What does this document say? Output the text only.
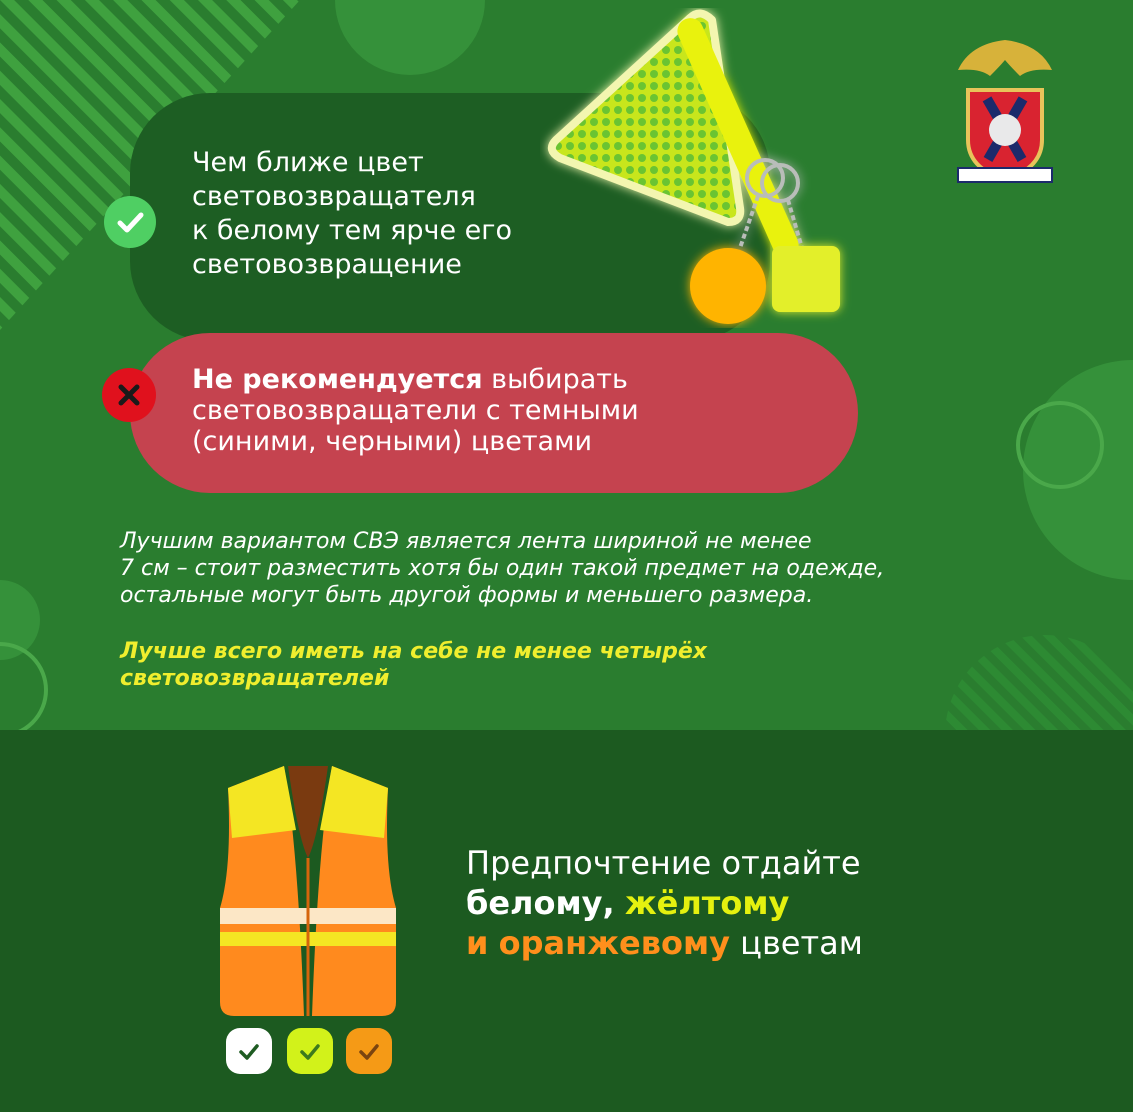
Чем ближе цвет
световозвращателя
к белому тем ярче его
световозвращение

Не рекомендуется выбирать
световозвращатели с темными
(синими, черными) цветами

Лучшим вариантом СВЭ является лента шириной не менее
7 см – стоит разместить хотя бы один такой предмет на одежде,
остальные могут быть другой формы и меньшего размера.

Лучше всего иметь на себе не менее четырёх
световозвращателей

Предпочтение отдайте
белому, жёлтому
и оранжевому цветам
